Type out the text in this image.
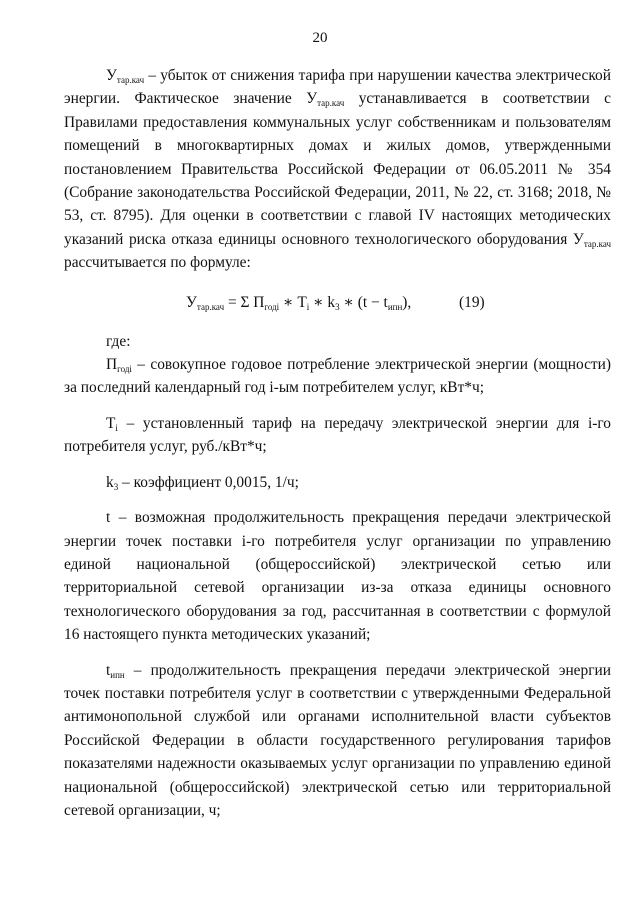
20

$У_{тар.кач}$ – убыток от снижения тарифа при нарушении качества электрической энергии. Фактическое значение $У_{тар.кач}$ устанавливается в соответствии с Правилами предоставления коммунальных услуг собственникам и пользователям помещений в многоквартирных домах и жилых домов, утвержденными постановлением Правительства Российской Федерации от 06.05.2011 № 354 (Собрание законодательства Российской Федерации, 2011, № 22, ст. 3168; 2018, № 53, ст. 8795). Для оценки в соответствии с главой IV настоящих методических указаний риска отказа единицы основного технологического оборудования $У_{тар.кач}$ рассчитывается по формуле:

$У_{тар.кач} = \Sigma$ $П_{годi}$ ∗ $Т_i$ ∗ $k_3$ ∗ $(t - t_{ипн})$,	(19)

где:

$П_{годi}$ – совокупное годовое потребление электрической энергии (мощности) за последний календарный год i-ым потребителем услуг, кВт*ч;

$Т_i$ – установленный тариф на передачу электрической энергии для i-го потребителя услуг, руб./кВт*ч;

$k_3$ – коэффициент 0,0015, 1/ч;

t – возможная продолжительность прекращения передачи электрической энергии точек поставки i-го потребителя услуг организации по управлению единой национальной (общероссийской) электрической сетью или территориальной сетевой организации из-за отказа единицы основного технологического оборудования за год, рассчитанная в соответствии с формулой 16 настоящего пункта методических указаний;

$t_{ипн}$ – продолжительность прекращения передачи электрической энергии точек поставки потребителя услуг в соответствии с утвержденными Федеральной антимонопольной службой или органами исполнительной власти субъектов Российской Федерации в области государственного регулирования тарифов показателями надежности оказываемых услуг организации по управлению единой национальной (общероссийской) электрической сетью или территориальной сетевой организации, ч;
